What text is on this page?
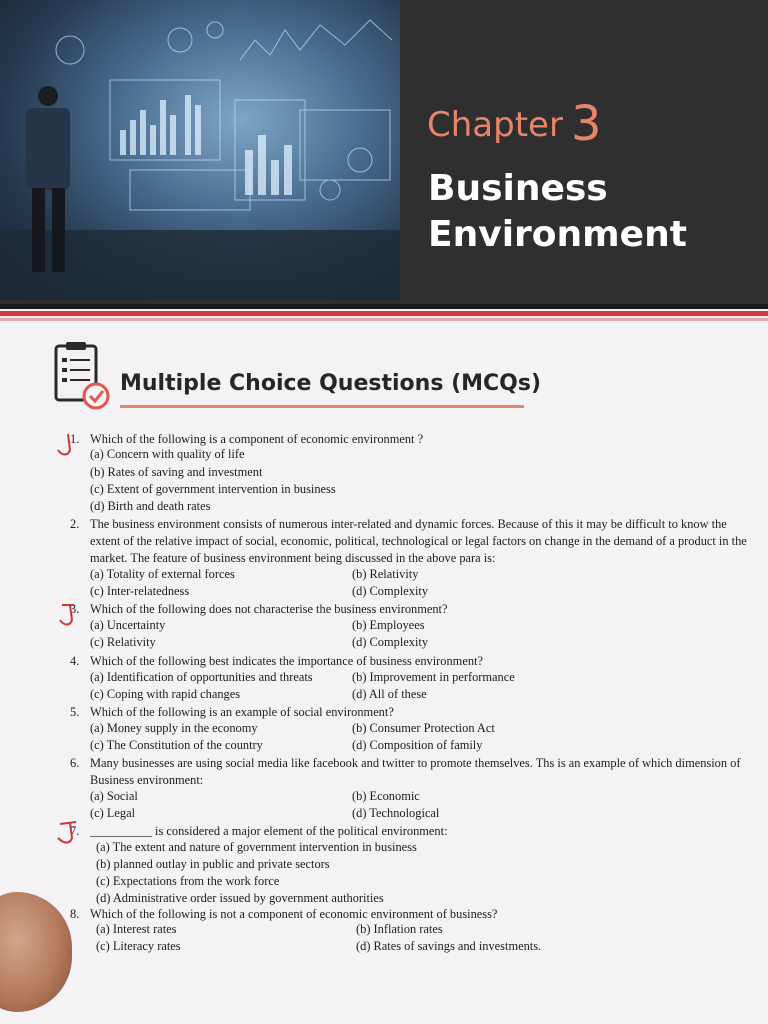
Chapter 3
Business
Environment
Multiple Choice Questions (MCQs)
1. Which of the following is a component of economic environment ?
(a) Concern with quality of life
(b) Rates of saving and investment
(c) Extent of government intervention in business
(d) Birth and death rates
2. The business environment consists of numerous inter-related and dynamic forces. Because of this it may be difficult to know the extent of the relative impact of social, economic, political, technological or legal factors on change in the demand of a product in the market. The feature of business environment being discussed in the above para is:
(a) Totality of external forces	(b) Relativity
(c) Inter-relatedness	(d) Complexity
3. Which of the following does not characterise the business environment?
(a) Uncertainty	(b) Employees
(c) Relativity	(d) Complexity
4. Which of the following best indicates the importance of business environment?
(a) Identification of opportunities and threats	(b) Improvement in performance
(c) Coping with rapid changes	(d) All of these
5. Which of the following is an example of social environment?
(a) Money supply in the economy	(b) Consumer Protection Act
(c) The Constitution of the country	(d) Composition of family
6. Many businesses are using social media like facebook and twitter to promote themselves. Ths is an example of which dimension of Business environment:
(a) Social	(b) Economic
(c) Legal	(d) Technological
7. __________ is considered a major element of the political environment:
(a) The extent and nature of government intervention in business
(b) planned outlay in public and private sectors
(c) Expectations from the work force
(d) Administrative order issued by government authorities
8. Which of the following is not a component of economic environment of business?
(a) Interest rates	(b) Inflation rates
(c) Literacy rates	(d) Rates of savings and investments.
